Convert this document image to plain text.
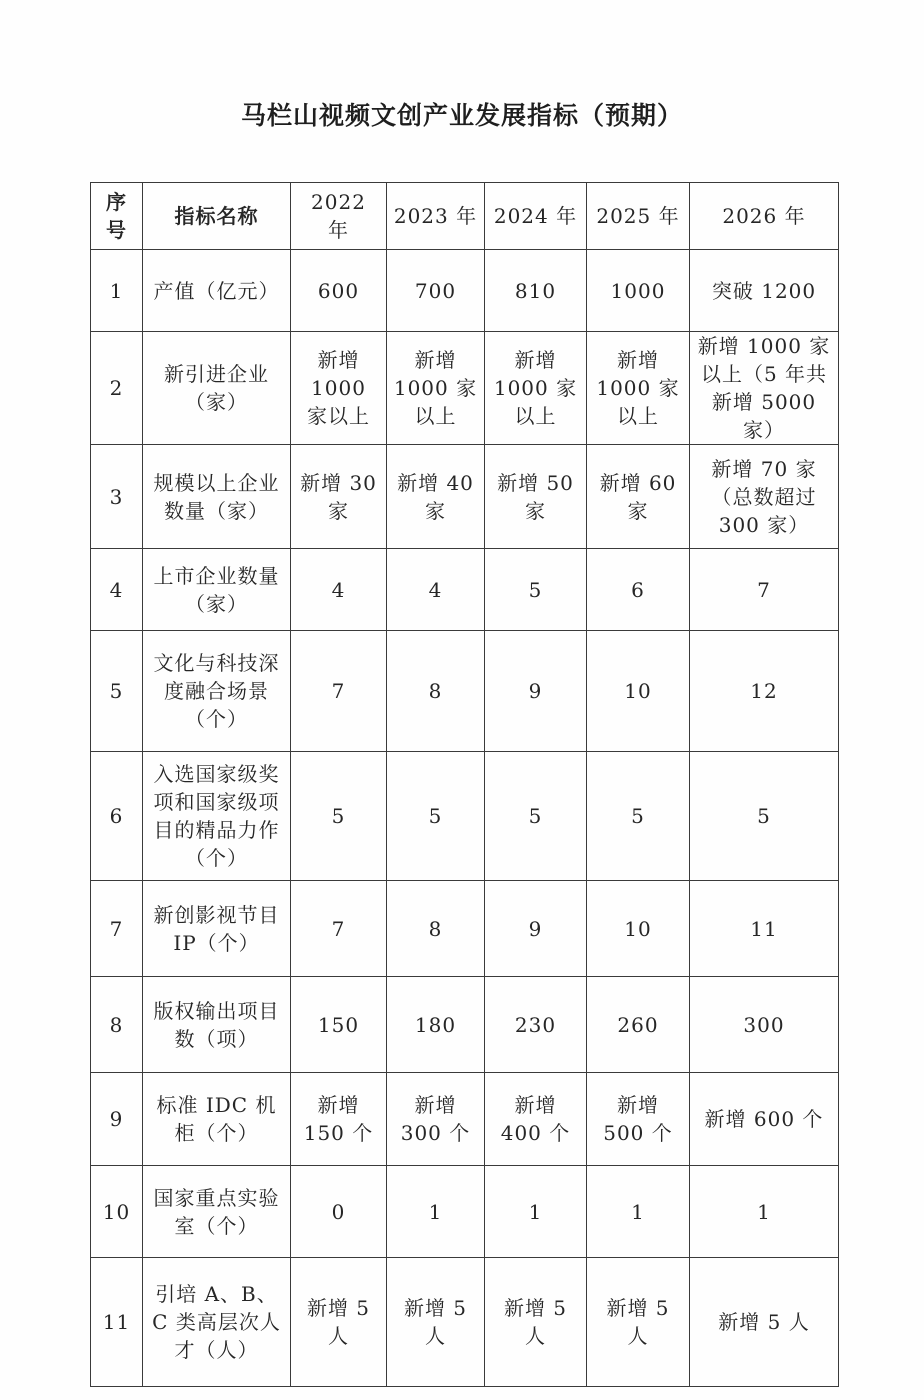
马栏山视频文创产业发展指标（预期）
序号	指标名称	2022 年	2023 年	2024 年	2025 年	2026 年
1	产值（亿元）	600	700	810	1000	突破 1200
2	新引进企业（家）	新增 1000 家以上	新增 1000 家以上	新增 1000 家以上	新增 1000 家以上	新增 1000 家以上（5 年共新增 5000 家）
3	规模以上企业数量（家）	新增 30 家	新增 40 家	新增 50 家	新增 60 家	新增 70 家（总数超过 300 家）
4	上市企业数量（家）	4	4	5	6	7
5	文化与科技深度融合场景（个）	7	8	9	10	12
6	入选国家级奖项和国家级项目的精品力作（个）	5	5	5	5	5
7	新创影视节目 IP（个）	7	8	9	10	11
8	版权输出项目数（项）	150	180	230	260	300
9	标准 IDC 机柜（个）	新增 150 个	新增 300 个	新增 400 个	新增 500 个	新增 600 个
10	国家重点实验室（个）	0	1	1	1	1
11	引培 A、B、C 类高层次人才（人）	新增 5 人	新增 5 人	新增 5 人	新增 5 人	新增 5 人
